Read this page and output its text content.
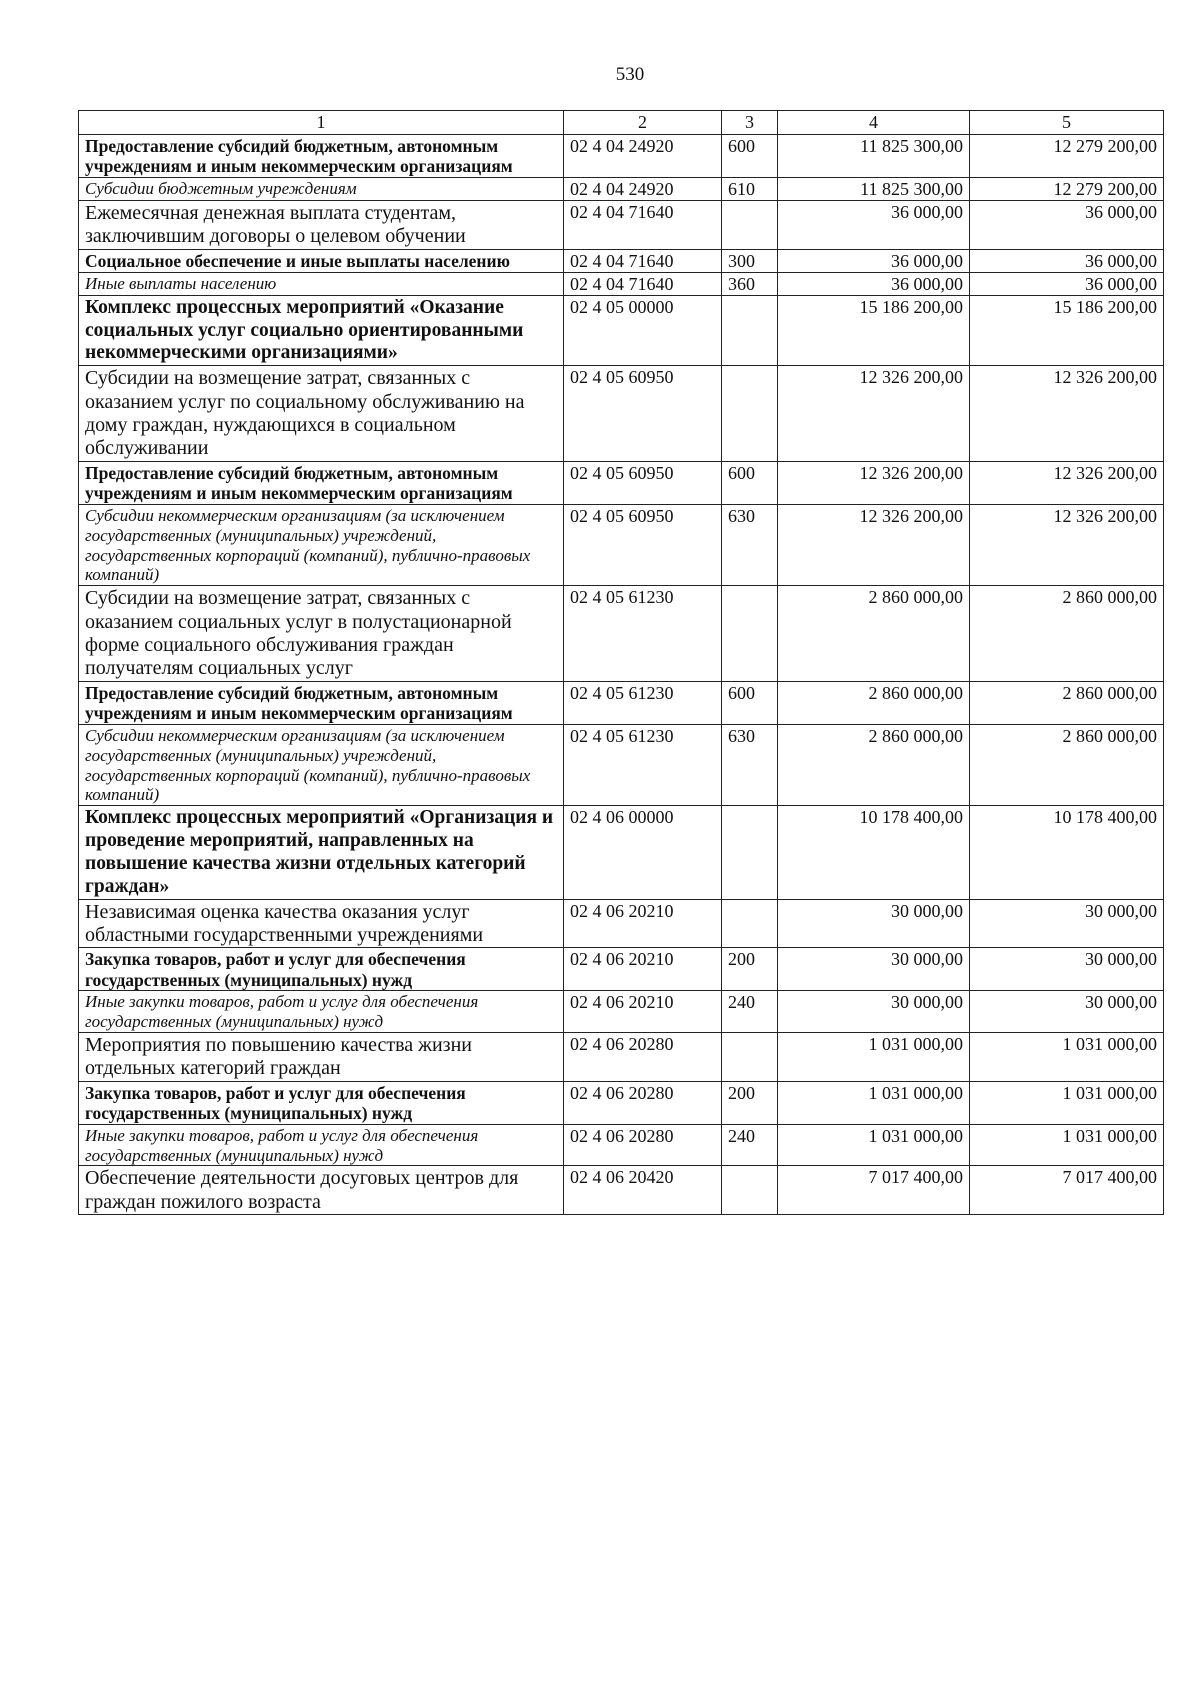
530
1	2	3	4	5
Предоставление субсидий бюджетным, автономным учреждениям и иным некоммерческим организациям	02 4 04 24920	600	11 825 300,00	12 279 200,00
Субсидии бюджетным учреждениям	02 4 04 24920	610	11 825 300,00	12 279 200,00
Ежемесячная денежная выплата студентам, заключившим договоры о целевом обучении	02 4 04 71640		36 000,00	36 000,00
Социальное обеспечение и иные выплаты населению	02 4 04 71640	300	36 000,00	36 000,00
Иные выплаты населению	02 4 04 71640	360	36 000,00	36 000,00
Комплекс процессных мероприятий «Оказание социальных услуг социально ориентированными некоммерческими организациями»	02 4 05 00000		15 186 200,00	15 186 200,00
Субсидии на возмещение затрат, связанных с оказанием услуг по социальному обслуживанию на дому граждан, нуждающихся в социальном обслуживании	02 4 05 60950		12 326 200,00	12 326 200,00
Предоставление субсидий бюджетным, автономным учреждениям и иным некоммерческим организациям	02 4 05 60950	600	12 326 200,00	12 326 200,00
Субсидии некоммерческим организациям (за исключением государственных (муниципальных) учреждений, государственных корпораций (компаний), публично-правовых компаний)	02 4 05 60950	630	12 326 200,00	12 326 200,00
Субсидии на возмещение затрат, связанных с оказанием социальных услуг в полустационарной форме социального обслуживания граждан получателям социальных услуг	02 4 05 61230		2 860 000,00	2 860 000,00
Предоставление субсидий бюджетным, автономным учреждениям и иным некоммерческим организациям	02 4 05 61230	600	2 860 000,00	2 860 000,00
Субсидии некоммерческим организациям (за исключением государственных (муниципальных) учреждений, государственных корпораций (компаний), публично-правовых компаний)	02 4 05 61230	630	2 860 000,00	2 860 000,00
Комплекс процессных мероприятий «Организация и проведение мероприятий, направленных на повышение качества жизни отдельных категорий граждан»	02 4 06 00000		10 178 400,00	10 178 400,00
Независимая оценка качества оказания услуг областными государственными учреждениями	02 4 06 20210		30 000,00	30 000,00
Закупка товаров, работ и услуг для обеспечения государственных (муниципальных) нужд	02 4 06 20210	200	30 000,00	30 000,00
Иные закупки товаров, работ и услуг для обеспечения государственных (муниципальных) нужд	02 4 06 20210	240	30 000,00	30 000,00
Мероприятия по повышению качества жизни отдельных категорий граждан	02 4 06 20280		1 031 000,00	1 031 000,00
Закупка товаров, работ и услуг для обеспечения государственных (муниципальных) нужд	02 4 06 20280	200	1 031 000,00	1 031 000,00
Иные закупки товаров, работ и услуг для обеспечения государственных (муниципальных) нужд	02 4 06 20280	240	1 031 000,00	1 031 000,00
Обеспечение деятельности досуговых центров для граждан пожилого возраста	02 4 06 20420		7 017 400,00	7 017 400,00
